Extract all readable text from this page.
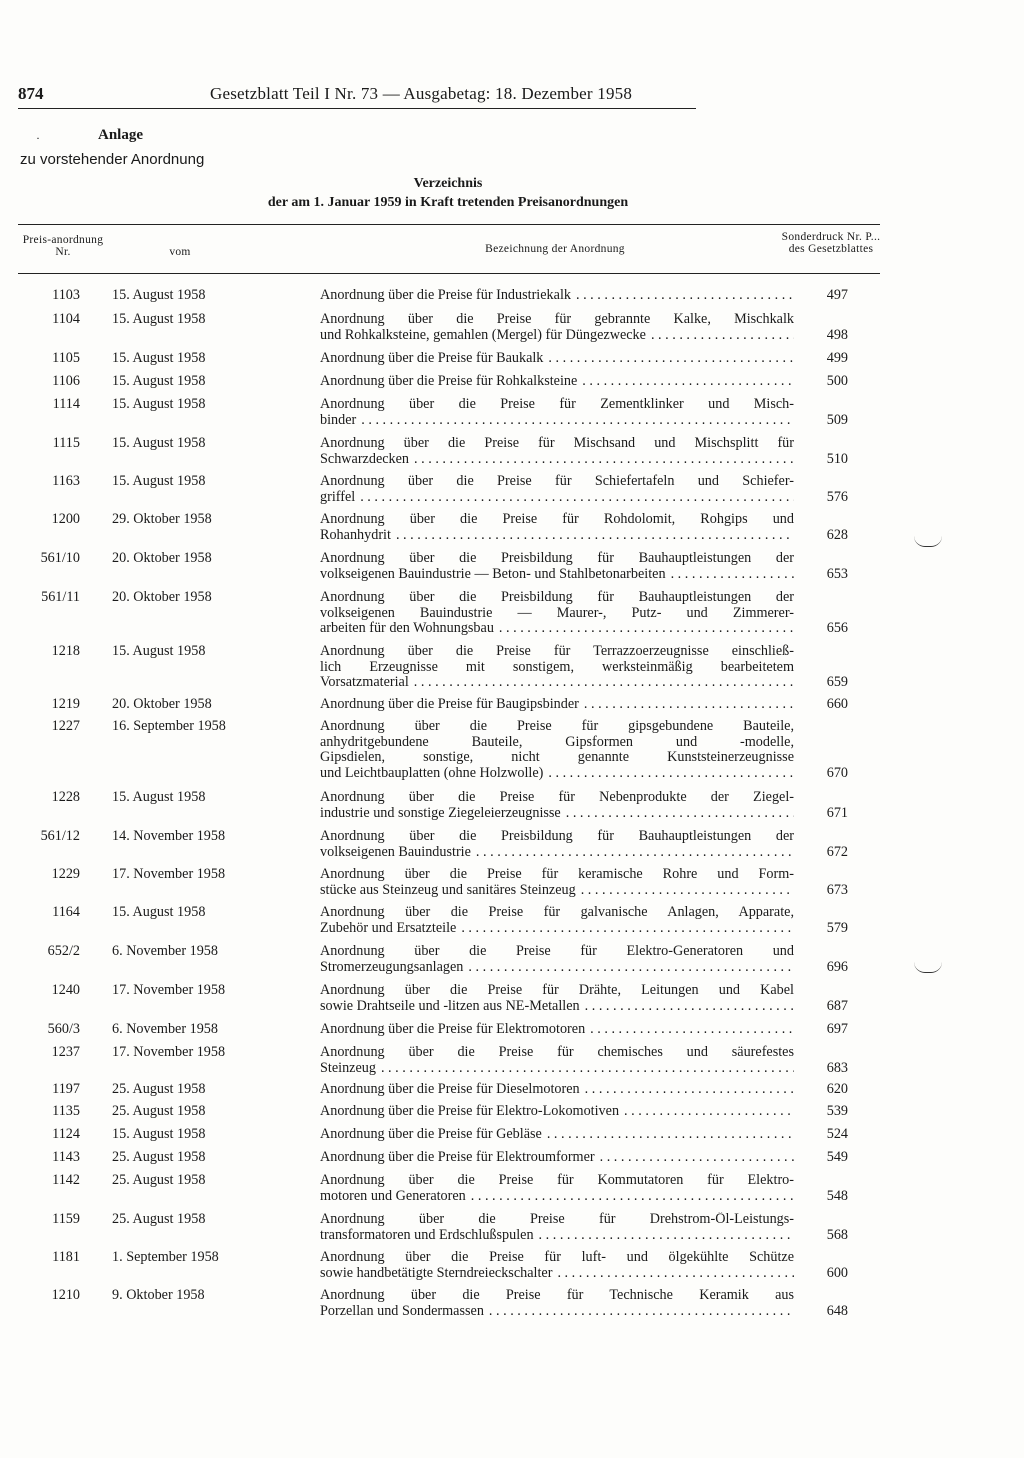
874	Gesetzblatt Teil I Nr. 73 — Ausgabetag: 18. Dezember 1958
·	Anlage
zu vorstehender Anordnung
Verzeichnis
der am 1. Januar 1959 in Kraft tretenden Preisanordnungen
Preis-anordnung Nr.	vom	Bezeichnung der Anordnung
Sonderdruck Nr. P... des Gesetzblattes
1103 15. August 1958	Anordnung über die Preise für Industriekalk . . .	497
1104 15. August 1958	Anordnung über die Preise für gebrannte Kalke, Mischkalk
und Rohkalksteine, gemahlen (Mergel) für Düngezwecke . . .	498
1105 15. August 1958	Anordnung über die Preise für Baukalk . . .	499
1106 15. August 1958	Anordnung über die Preise für Rohkalksteine . . .	500
1114 15. August 1958	Anordnung über die Preise für Zementklinker und Misch-
binder . . .	509
1115 15. August 1958	Anordnung über die Preise für Mischsand und Mischsplitt für
Schwarzdecken . . .	510
1163 15. August 1958	Anordnung über die Preise für Schiefertafeln und Schiefer-
griffel . . .	576
1200 29. Oktober 1958	Anordnung über die Preise für Rohdolomit, Rohgips und
Rohanhydrit . . .	628
561/10 20. Oktober 1958	Anordnung über die Preisbildung für Bauhauptleistungen der
volkseigenen Bauindustrie — Beton- und Stahlbetonarbeiten . . .	653
561/11 20. Oktober 1958	Anordnung über die Preisbildung für Bauhauptleistungen der
volkseigenen Bauindustrie — Maurer-, Putz- und Zimmerer-
arbeiten für den Wohnungsbau . . .	656
1218 15. August 1958	Anordnung über die Preise für Terrazzoerzeugnisse einschließ-
lich Erzeugnisse mit sonstigem, werksteinmäßig bearbeitetem
Vorsatzmaterial . . .	659
1219 20. Oktober 1958	Anordnung über die Preise für Baugipsbinder . . .	660
1227 16. September 1958	Anordnung über die Preise für gipsgebundene Bauteile,
anhydritgebundene Bauteile, Gipsformen und -modelle,
Gipsdielen, sonstige, nicht genannte Kunststeinerzeugnisse
und Leichtbauplatten (ohne Holzwolle) . . .	670
1228 15. August 1958	Anordnung über die Preise für Nebenprodukte der Ziegel-
industrie und sonstige Ziegeleierzeugnisse . . .	671
561/12 14. November 1958	Anordnung über die Preisbildung für Bauhauptleistungen der
volkseigenen Bauindustrie . . .	672
1229 17. November 1958	Anordnung über die Preise für keramische Rohre und Form-
stücke aus Steinzeug und sanitäres Steinzeug . . .	673
1164 15. August 1958	Anordnung über die Preise für galvanische Anlagen, Apparate,
Zubehör und Ersatzteile . . .	579
652/2 6. November 1958	Anordnung über die Preise für Elektro-Generatoren und
Stromerzeugungsanlagen . . .	696
1240 17. November 1958	Anordnung über die Preise für Drähte, Leitungen und Kabel
sowie Drahtseile und -litzen aus NE-Metallen . . .	687
560/3 6. November 1958	Anordnung über die Preise für Elektromotoren . . .	697
1237 17. November 1958	Anordnung über die Preise für chemisches und säurefestes
Steinzeug . . .	683
1197 25. August 1958	Anordnung über die Preise für Dieselmotoren . . .	620
1135 25. August 1958	Anordnung über die Preise für Elektro-Lokomotiven . . .	539
1124 15. August 1958	Anordnung über die Preise für Gebläse . . .	524
1143 25. August 1958	Anordnung über die Preise für Elektroumformer . . .	549
1142 25. August 1958	Anordnung über die Preise für Kommutatoren für Elektro-
motoren und Generatoren . . .	548
1159 25. August 1958	Anordnung über die Preise für Drehstrom-Öl-Leistungs-
transformatoren und Erdschlußspulen . . .	568
1181 1. September 1958	Anordnung über die Preise für luft- und ölgekühlte Schütze
sowie handbetätigte Sterndreieckschalter . . .	600
1210 9. Oktober 1958	Anordnung über die Preise für Technische Keramik aus
Porzellan und Sondermassen . . .	648
